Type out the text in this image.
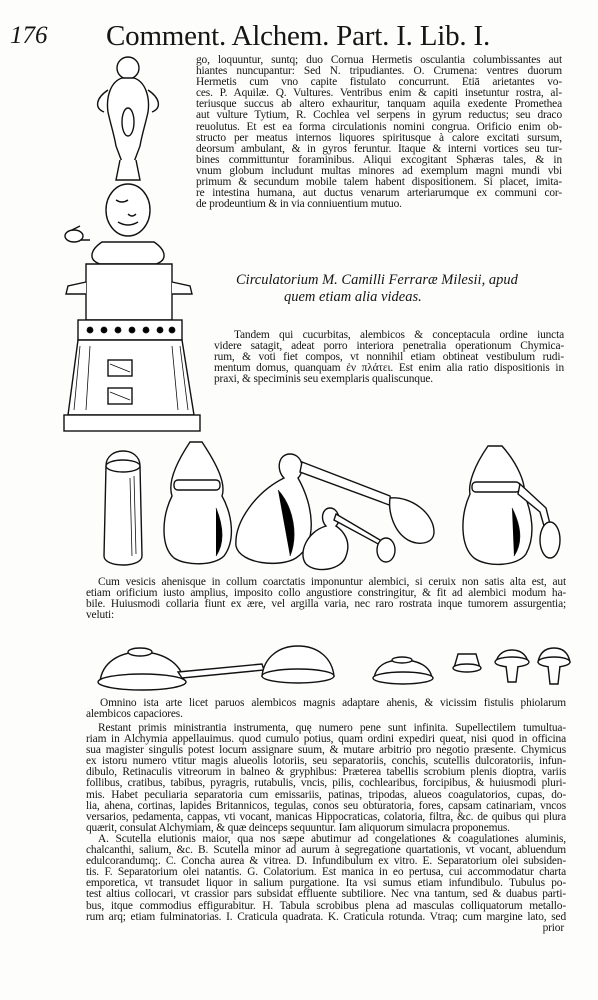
176 Comment. Alchem. Part. I. Lib. I.
go, loquuntur, suntq; duo Cornua Hermetis osculantia columbissantes aut
hiantes nuncupantur: Sed N. tripudiantes. O. Crumena: ventres duorum
Hermetis cum vno capite fistulato concurrunt. Etiā arietantes vo-
ces. P. Aquilæ. Q. Vultures. Ventribus enim & capiti insetuntur rostra, al-
teriusque succus ab altero exhauritur, tanquam aquila exedente Promethea
aut vulture Tytium, R. Cochlea vel serpens in gyrum reductus; seu draco
reuolutus. Et est ea forma circulationis nomini congrua. Orificio enim ob-
structo per meatus internos liquores spiritusque à calore excitati sursum,
deorsum ambulant, & in gyros feruntur. Itaque & interni vortices seu tur-
bines committuntur foraminibus. Aliqui excogitant Sphæras tales, & in
vnum globum includunt multas minores ad exemplum magni mundi vbi
primum & secundum mobile talem habent dispositionem. Si placet, imita-
re intestina humana, aut ductus venarum arteriarumque ex communi cor-
de prodeuntium & in via conniuentium mutuo.
Circulatorium M. Camilli Ferraræ Milesii, apud
quem etiam alia videas.
Tandem qui cucurbitas, alembicos & conceptacula ordine iuncta
videre satagit, adeat porro interiora penetralia operationum Chymica-
rum, & voti fiet compos, vt nonnihil etiam obtineat vestibulum rudi-
mentum domus, quanquam ἐν πλάτει. Est enim alia ratio dispositionis in
praxi, & speciminis seu exemplaris qualiscunque.
Cum vesicis ahenisque in collum coarctatis imponuntur alembici, si ceruix non satis alta est, aut
etiam orificium iusto amplius, imposito collo angustiore constringitur, & fit ad alembici modum ha-
bile. Huiusmodi collaria fiunt ex ære, vel argilla varia, nec raro rostrata inque tumorem assurgentia;
veluti:
Omnino ista arte licet paruos alembicos magnis adaptare ahenis, & vicissim fistulis phiolarum
alembicos capaciores.
Restant primis ministrantia instrumenta, quę numero pene sunt infinita. Supellectilem tumultua-
riam in Alchymia appellauimus. quod cumulo potius, quam ordini expediri queat, nisi quod in officina
sua magister singulis potest locum assignare suum, & mutare arbitrio pro negotio præsente. Chymicus
ex istoru numero vtitur magis alueolis lotoriis, seu separatoriis, conchis, scutellis dulcoratoriis, infun-
dibulo, Retinaculis vitreorum in balneo & gryphibus: Præterea tabellis scrobium plenis dioptra, variis
follibus, cratibus, tabibus, pyragris, rutabulis, vncis, pilis, cochlearibus, forcipibus, & huiusmodi pluri-
mis. Habet peculiaria separatoria cum emissariis, patinas, tripodas, alueos coagulatorios, cupas, do-
lia, ahena, cortinas, lapides Britannicos, tegulas, conos seu obturatoria, fores, capsam catinariam, vncos
versarios, pedamenta, cappas, vti vocant, manicas Hippocraticas, colatoria, filtra, &c. de quibus qui plura
quærit, consulat Alchymiam, & quæ deinceps sequuntur. Iam aliquorum simulacra proponemus.
A. Scutella elutionis maior, qua nos sæpe abutimur ad congelationes & coagulationes aluminis,
chalcanthi, salium, &c. B. Scutella minor ad aurum à segregatione quartationis, vt vocant, abluendum
edulcorandumq;. C. Concha aurea & vitrea. D. Infundibulum ex vitro. E. Separatorium olei subsiden-
tis. F. Separatorium olei natantis. G. Colatorium. Est manica in eo pertusa, cui accommodatur charta
emporetica, vt transudet liquor in salium purgatione. Ita vsi sumus etiam infundibulo. Tubulus po-
test altius collocari, vt crassior pars subsidat effluente subtiliore. Nec vna tantum, sed & duabus parti-
bus, itque commodius effigurabitur. H. Tabula scrobibus plena ad masculas colliquatorum metallo-
rum arq; etiam fulminatorias. I. Craticula quadrata. K. Craticula rotunda. Vtraq; cum margine lato, sed
prior
